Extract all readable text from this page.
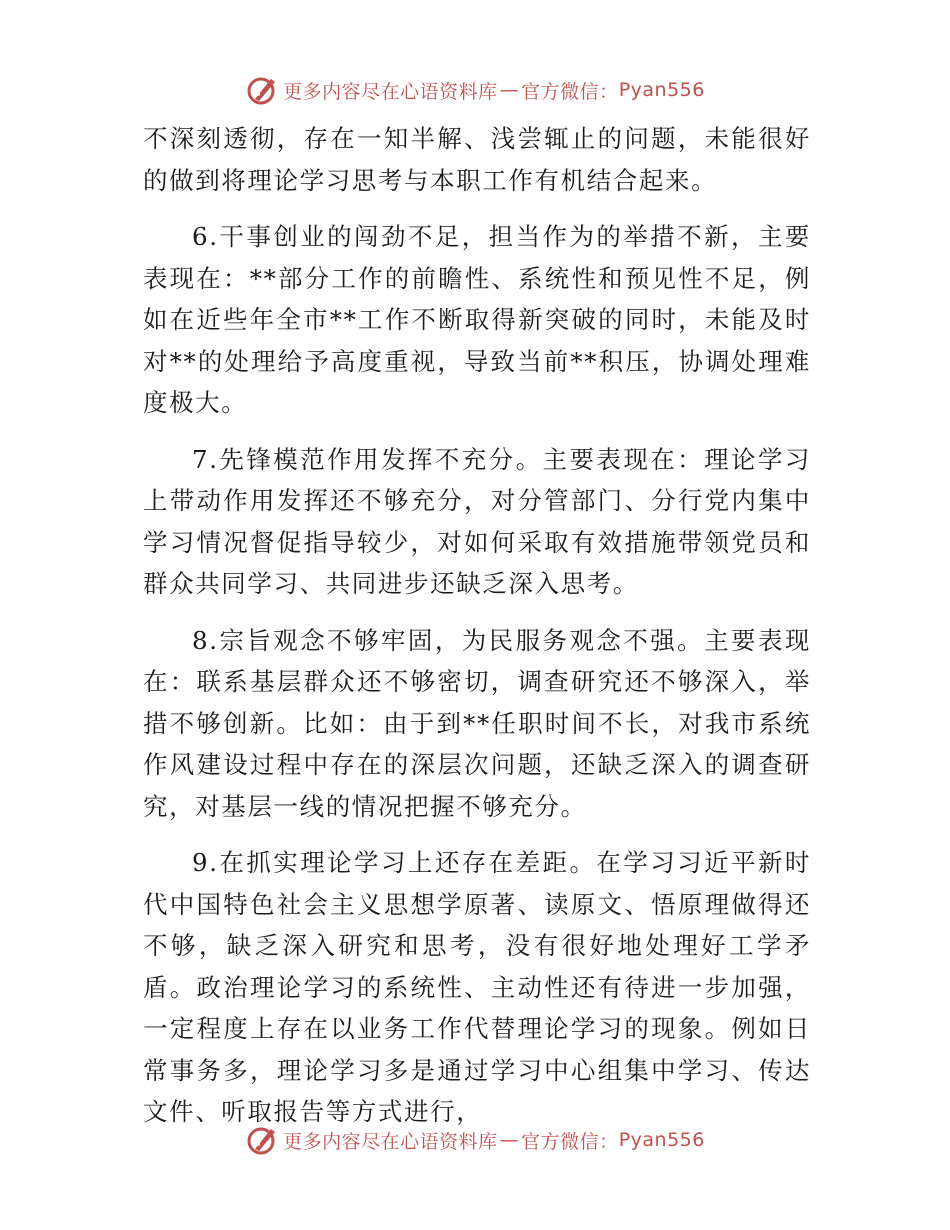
更多内容尽在心语资料库 — 官方微信： Pyan556

不深刻透彻，存在一知半解、浅尝辄止的问题，未能很好的做到将理论学习思考与本职工作有机结合起来。

6.干事创业的闯劲不足，担当作为的举措不新，主要表现在：**部分工作的前瞻性、系统性和预见性不足，例如在近些年全市**工作不断取得新突破的同时，未能及时对**的处理给予高度重视，导致当前**积压，协调处理难度极大。

7.先锋模范作用发挥不充分。主要表现在：理论学习上带动作用发挥还不够充分，对分管部门、分行党内集中学习情况督促指导较少，对如何采取有效措施带领党员和群众共同学习、共同进步还缺乏深入思考。

8.宗旨观念不够牢固，为民服务观念不强。主要表现在：联系基层群众还不够密切，调查研究还不够深入，举措不够创新。比如：由于到**任职时间不长，对我市系统作风建设过程中存在的深层次问题，还缺乏深入的调查研究，对基层一线的情况把握不够充分。

9.在抓实理论学习上还存在差距。在学习习近平新时代中国特色社会主义思想学原著、读原文、悟原理做得还不够，缺乏深入研究和思考，没有很好地处理好工学矛盾。政治理论学习的系统性、主动性还有待进一步加强，一定程度上存在以业务工作代替理论学习的现象。例如日常事务多，理论学习多是通过学习中心组集中学习、传达文件、听取报告等方式进行，

更多内容尽在心语资料库 — 官方微信： Pyan556
